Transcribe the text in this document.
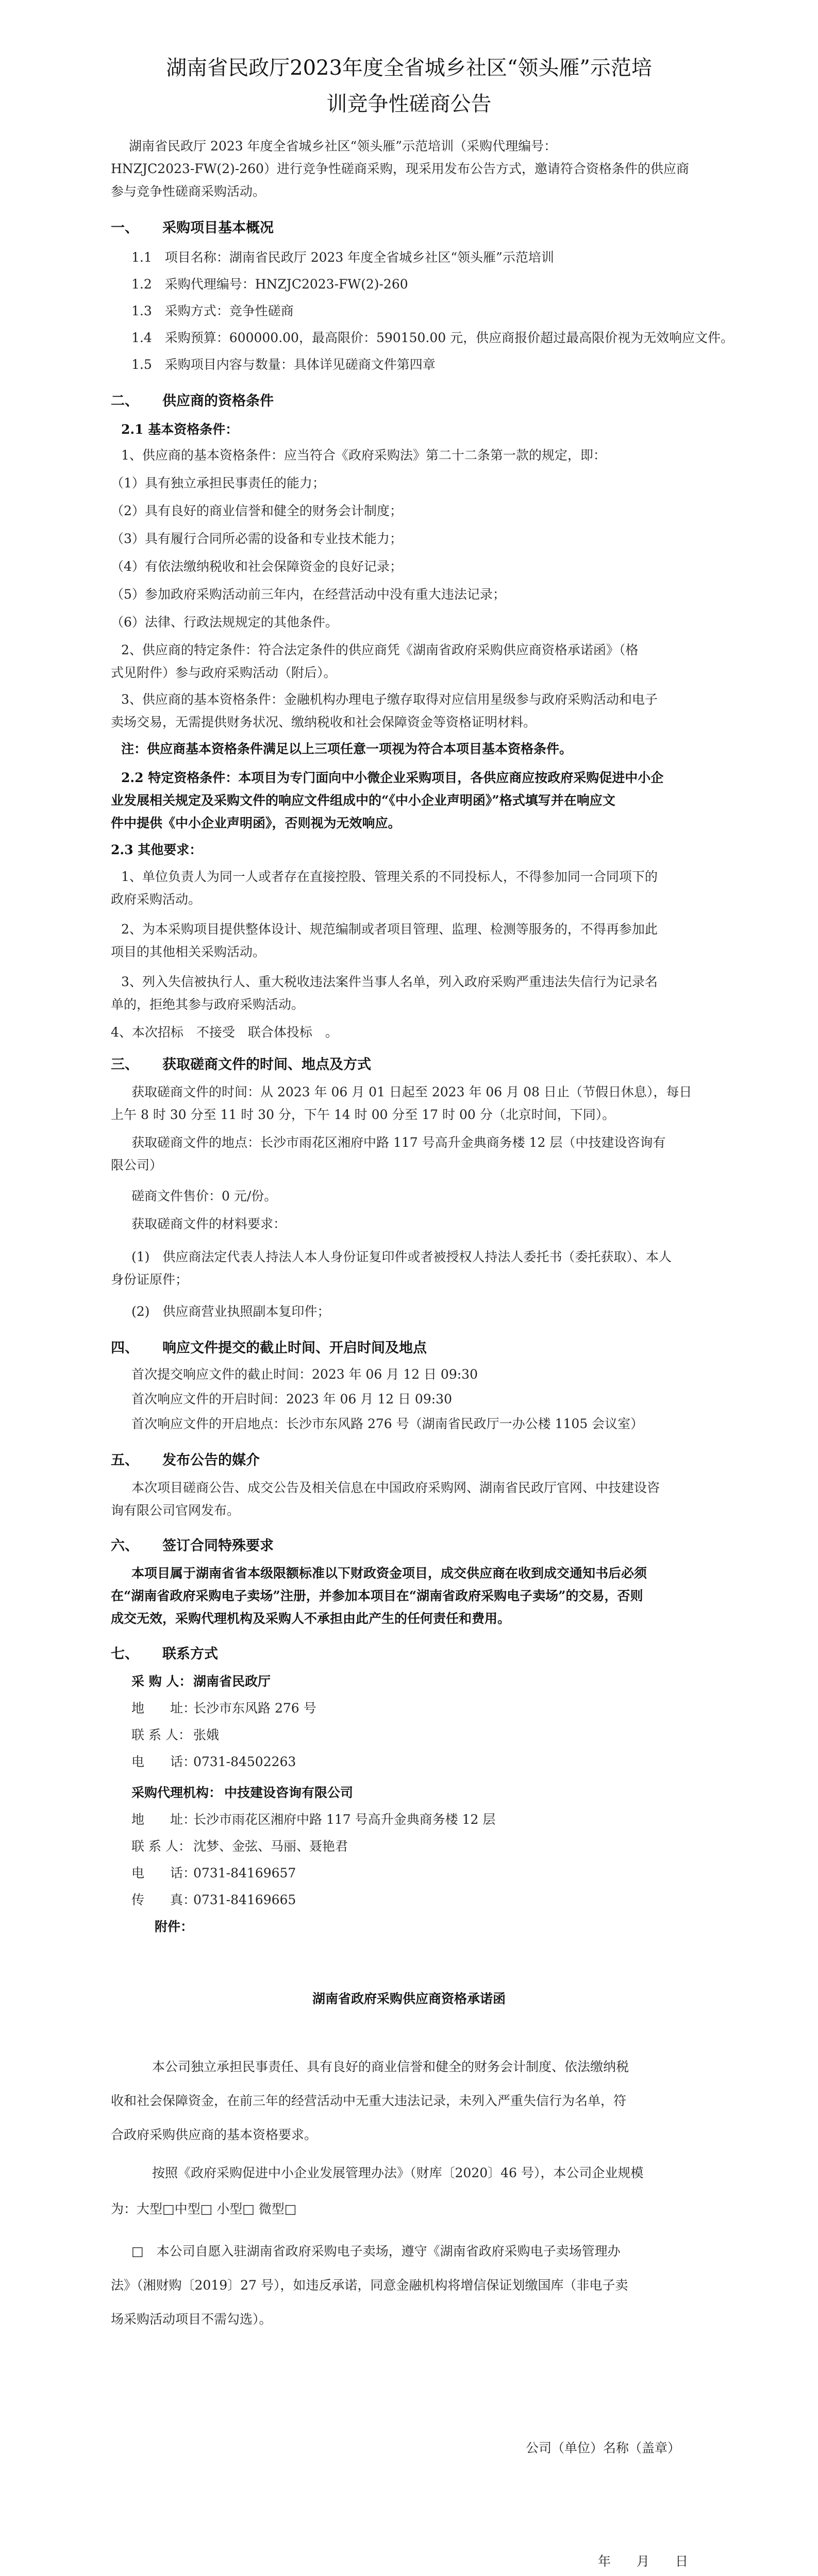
湖南省民政厅2023年度全省城乡社区“领头雁”示范培
训竞争性磋商公告
湖南省民政厅 2023 年度全省城乡社区“领头雁”示范培训（采购代理编号：
HNZJC2023-FW(2)-260）进行竞争性磋商采购，现采用发布公告方式，邀请符合资格条件的供应商
参与竞争性磋商采购活动。
一、 采购项目基本概况
1.1　项目名称：湖南省民政厅 2023 年度全省城乡社区“领头雁”示范培训
1.2　采购代理编号：HNZJC2023-FW(2)-260
1.3　采购方式：竞争性磋商
1.4　采购预算：600000.00，最高限价：590150.00 元，供应商报价超过最高限价视为无效响应文件。
1.5　采购项目内容与数量：具体详见磋商文件第四章
二、 供应商的资格条件
2.1 基本资格条件：
1、供应商的基本资格条件：应当符合《政府采购法》第二十二条第一款的规定，即：
（1）具有独立承担民事责任的能力；
（2）具有良好的商业信誉和健全的财务会计制度；
（3）具有履行合同所必需的设备和专业技术能力；
（4）有依法缴纳税收和社会保障资金的良好记录；
（5）参加政府采购活动前三年内，在经营活动中没有重大违法记录；
（6）法律、行政法规规定的其他条件。
2、供应商的特定条件：符合法定条件的供应商凭《湖南省政府采购供应商资格承诺函》（格
式见附件）参与政府采购活动（附后）。
3、供应商的基本资格条件：金融机构办理电子缴存取得对应信用星级参与政府采购活动和电子
卖场交易，无需提供财务状况、缴纳税收和社会保障资金等资格证明材料。
注：供应商基本资格条件满足以上三项任意一项视为符合本项目基本资格条件。
2.2 特定资格条件：本项目为专门面向中小微企业采购项目，各供应商应按政府采购促进中小企
业发展相关规定及采购文件的响应文件组成中的“《中小企业声明函》”格式填写并在响应文
件中提供《中小企业声明函》，否则视为无效响应。
2.3 其他要求：
1、单位负责人为同一人或者存在直接控股、管理关系的不同投标人，不得参加同一合同项下的
政府采购活动。
2、为本采购项目提供整体设计、规范编制或者项目管理、监理、检测等服务的，不得再参加此
项目的其他相关采购活动。
3、列入失信被执行人、重大税收违法案件当事人名单，列入政府采购严重违法失信行为记录名
单的，拒绝其参与政府采购活动。
4、本次招标　不接受　联合体投标　。
三、 获取磋商文件的时间、地点及方式
获取磋商文件的时间：从 2023 年 06 月 01 日起至 2023 年 06 月 08 日止（节假日休息），每日
上午 8 时 30 分至 11 时 30 分，下午 14 时 00 分至 17 时 00 分（北京时间，下同）。
获取磋商文件的地点：长沙市雨花区湘府中路 117 号高升金典商务楼 12 层（中技建设咨询有
限公司）
磋商文件售价：0 元/份。
获取磋商文件的材料要求：
(1)　供应商法定代表人持法人本人身份证复印件或者被授权人持法人委托书（委托获取）、本人
身份证原件；
(2)　供应商营业执照副本复印件；
四、 响应文件提交的截止时间、开启时间及地点
首次提交响应文件的截止时间：2023 年 06 月 12 日 09:30
首次响应文件的开启时间：2023 年 06 月 12 日 09:30
首次响应文件的开启地点：长沙市东风路 276 号（湖南省民政厅一办公楼 1105 会议室）
五、 发布公告的媒介
本次项目磋商公告、成交公告及相关信息在中国政府采购网、湖南省民政厅官网、中技建设咨
询有限公司官网发布。
六、 签订合同特殊要求
本项目属于湖南省省本级限额标准以下财政资金项目，成交供应商在收到成交通知书后必须
在“湖南省政府采购电子卖场”注册，并参加本项目在“湖南省政府采购电子卖场”的交易，否则
成交无效，采购代理机构及采购人不承担由此产生的任何责任和费用。
七、 联系方式
采 购 人： 湖南省民政厅
地　　址：
长沙市东风路 276 号
联 系 人： 张娥
电　　话：
0731-84502263
采购代理机构： 中技建设咨询有限公司
地　　址：
长沙市雨花区湘府中路 117 号高升金典商务楼 12 层
联 系 人： 沈梦、金弦、马丽、聂艳君
电　　话：
0731-84169657
传　　真：
0731-84169665
附件：
湖南省政府采购供应商资格承诺函
本公司独立承担民事责任、具有良好的商业信誉和健全的财务会计制度、依法缴纳税
收和社会保障资金，在前三年的经营活动中无重大违法记录，未列入严重失信行为名单，符
合政府采购供应商的基本资格要求。
按照《政府采购促进中小企业发展管理办法》（财库〔2020〕46 号），本公司企业规模
为：大型□中型□ 小型□ 微型□
□　本公司自愿入驻湖南省政府采购电子卖场，遵守《湖南省政府采购电子卖场管理办
法》（湘财购〔2019〕27 号），如违反承诺，同意金融机构将增信保证划缴国库（非电子卖
场采购活动项目不需勾选）。
公司（单位）名称（盖章）
年　　月　　日
